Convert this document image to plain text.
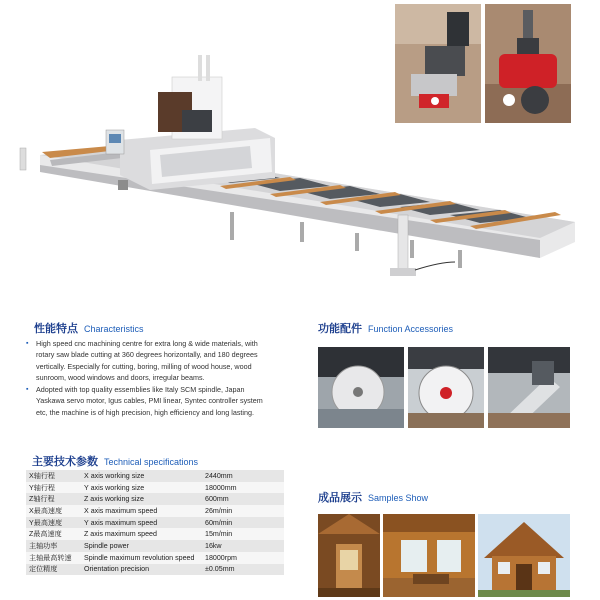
性能特点 Characteristics
▪ High speed cnc machining centre for extra long & wide materials, with rotary saw blade cutting at 360 degrees horizontally, and 180 degrees vertically. Especially for cutting, boring, milling of wood house, wood sunroom, wood windows and doors, irregular beams.
▪ Adopted with top quality essemblies like Italy SCM spindle, Japan Yaskawa servo motor, Igus cables, PMI linear, Syntec controller system etc, the machine is of high precision, high efficiency and long lasting.
主要技术参数 Technical specifications
X轴行程	X axis working size	2440mm
Y轴行程	Y axis working size	18000mm
Z轴行程	Z axis working size	600mm
X最高速度	X axis maximum speed	26m/min
Y最高速度	Y axis maximum speed	60m/min
Z最高速度	Z axis maximum speed	15m/min
主轴功率	Spindle power	16kw
主轴最高转速	Spindle maximum revolution speed	18000rpm
定位精度	Orientation precision	±0.05mm
功能配件 Function Accessories
成品展示 Samples Show
